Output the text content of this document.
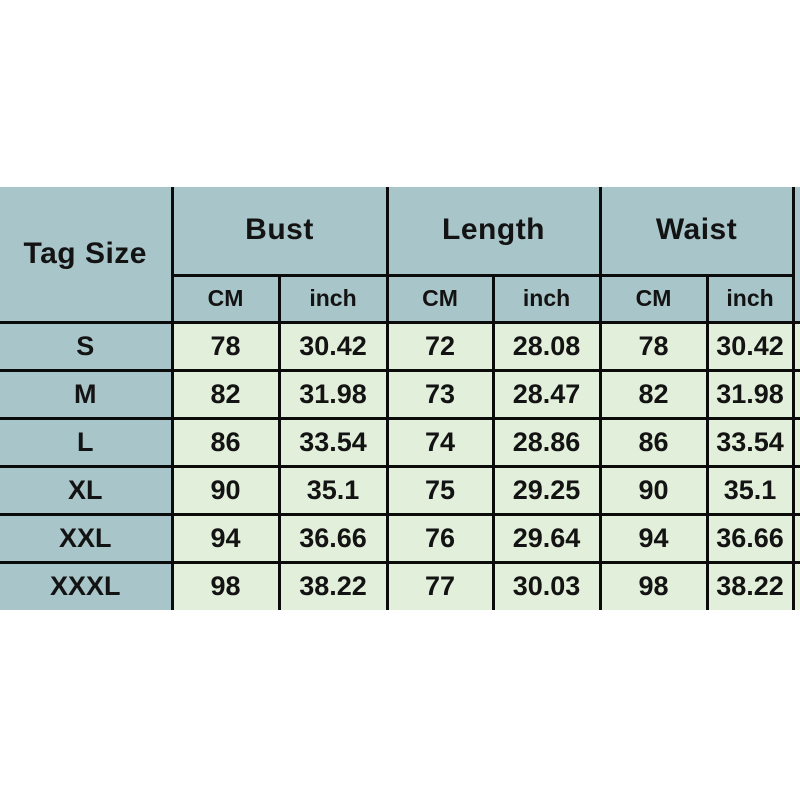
Tag Size	Bust		Length		Waist		
	CM	inch	CM	inch	CM	inch	
S	78	30.42	72	28.08	78	30.42	
M	82	31.98	73	28.47	82	31.98	
L	86	33.54	74	28.86	86	33.54	
XL	90	35.1	75	29.25	90	35.1	
XXL	94	36.66	76	29.64	94	36.66	
XXXL	98	38.22	77	30.03	98	38.22	
